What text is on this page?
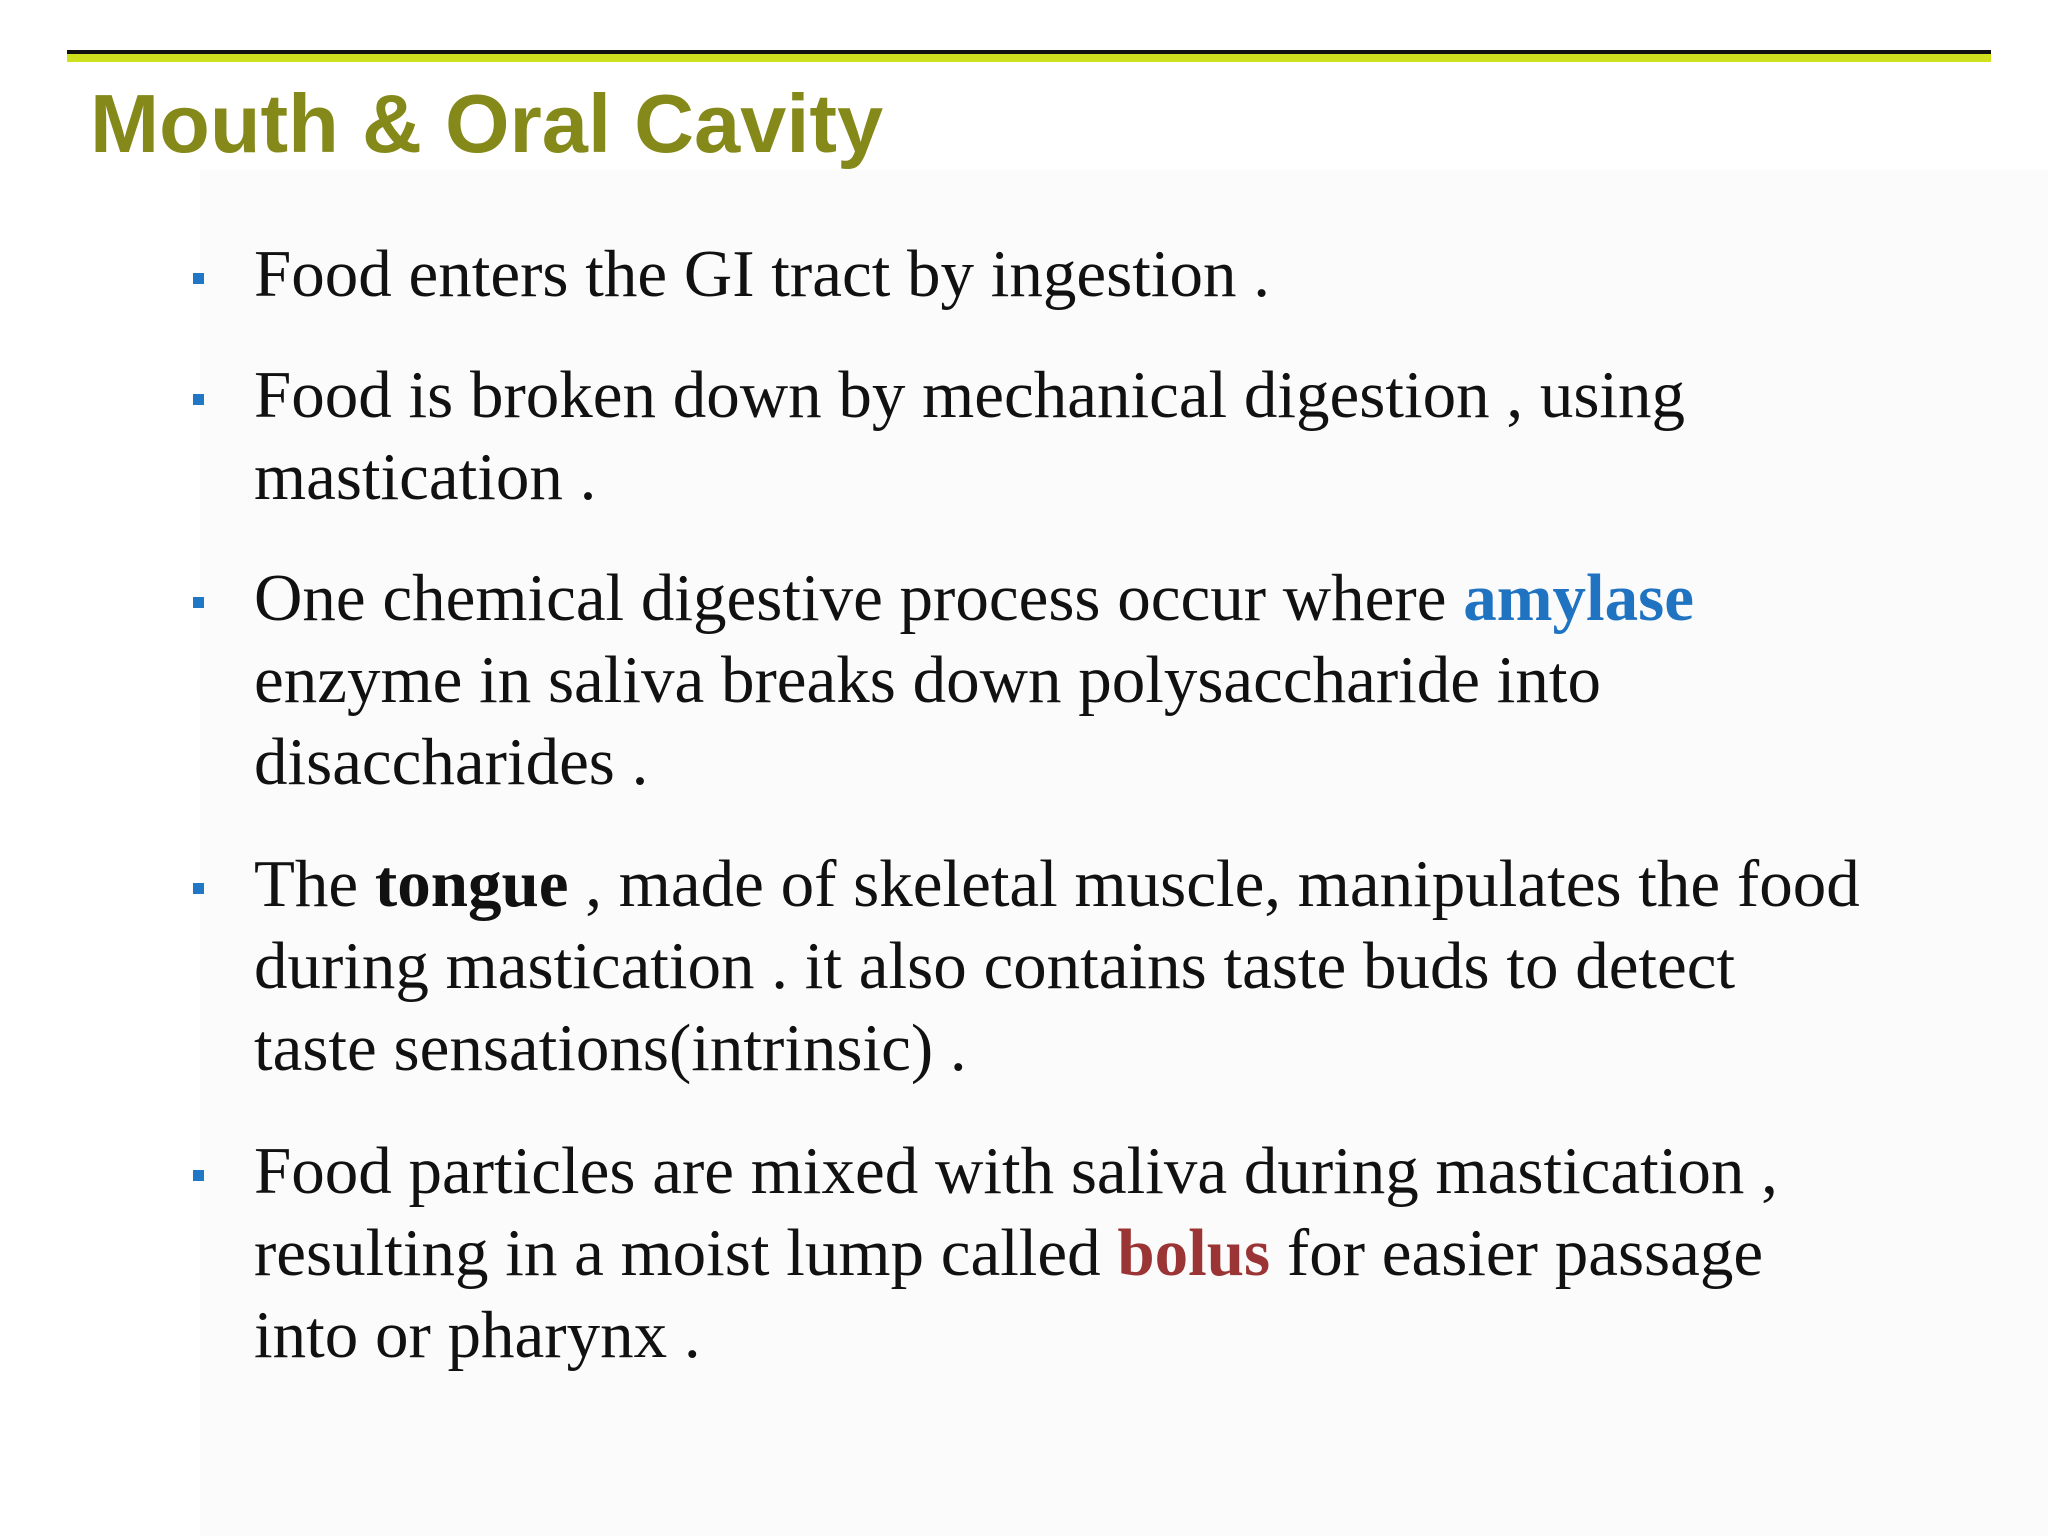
Mouth & Oral Cavity

Food enters the GI tract by ingestion .

Food is broken down by mechanical digestion , using
mastication .

One chemical digestive process occur where amylase
enzyme in saliva breaks down polysaccharide into
disaccharides .

The tongue , made of skeletal muscle, manipulates the food
during mastication . it also contains taste buds to detect
taste sensations(intrinsic) .

Food particles are mixed with saliva during mastication ,
resulting in a moist lump called bolus for easier passage
into or pharynx .
